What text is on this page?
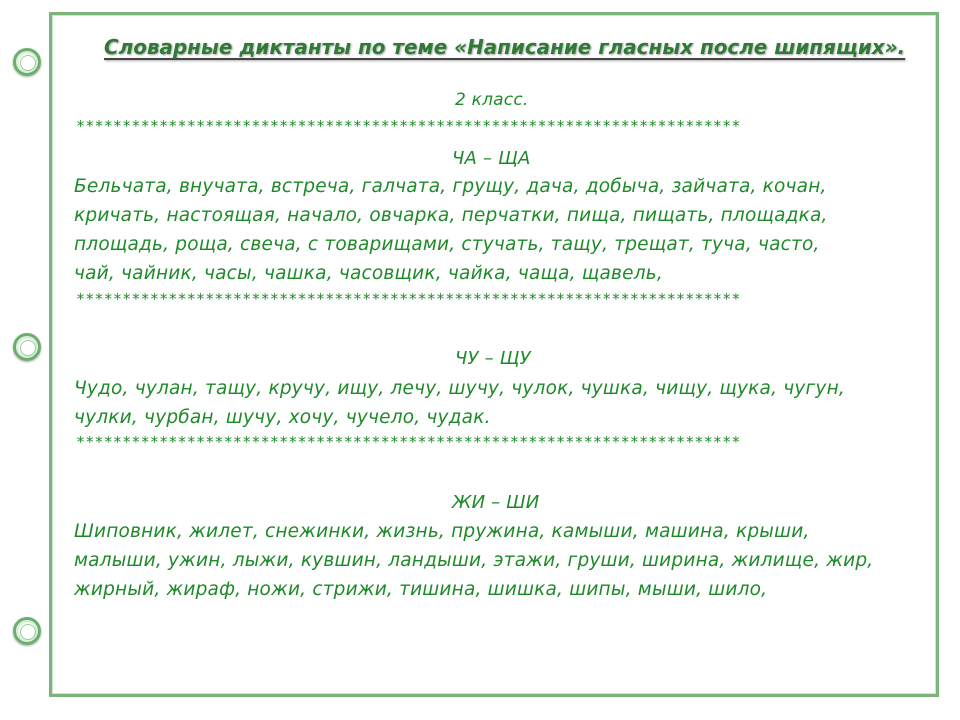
Словарные диктанты по теме «Написание гласных после шипящих».
2 класс.
************************************************************************
ЧА – ЩА
Бельчата, внучата, встреча, галчата, грущу, дача, добыча, зайчата, кочан,
кричать, настоящая, начало, овчарка, перчатки, пища, пищать, площадка,
площадь, роща, свеча, с товарищами, стучать, тащу, трещат, туча, часто,
чай, чайник, часы, чашка, часовщик, чайка, чаща, щавель,
************************************************************************
ЧУ – ЩУ
Чудо, чулан, тащу, кручу, ищу, лечу, шучу, чулок, чушка, чищу, щука, чугун,
чулки, чурбан, шучу, хочу, чучело, чудак.
************************************************************************
ЖИ – ШИ
Шиповник, жилет, снежинки, жизнь, пружина, камыши, машина, крыши,
малыши, ужин, лыжи, кувшин, ландыши, этажи, груши, ширина, жилище, жир,
жирный, жираф, ножи, стрижи, тишина, шишка, шипы, мыши, шило,
